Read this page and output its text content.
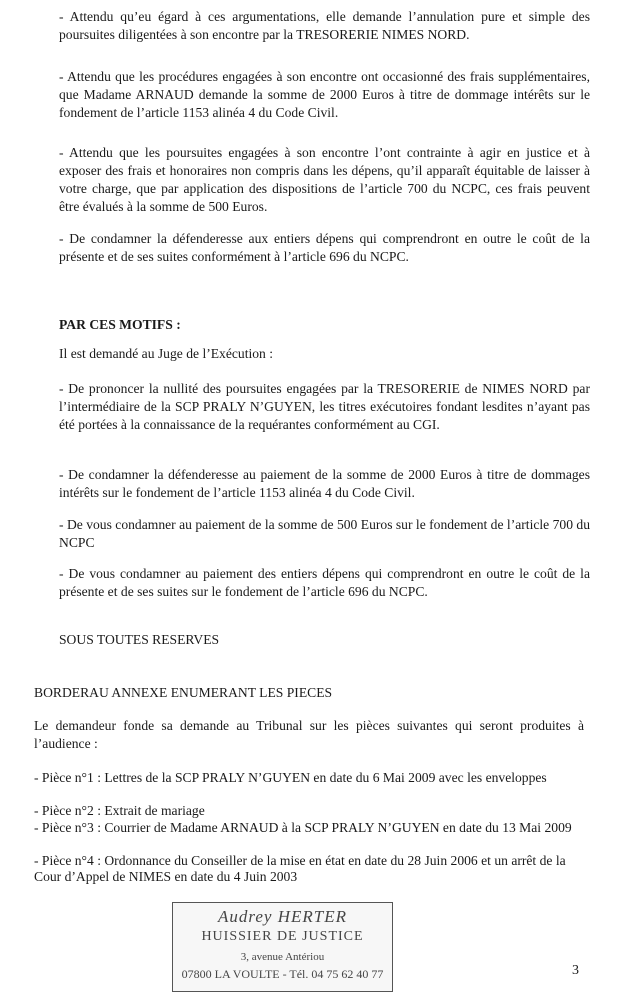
- Attendu qu’eu égard à ces argumentations, elle demande l’annulation pure et simple des poursuites diligentées à son encontre par la TRESORERIE NIMES NORD.

- Attendu que les procédures engagées à son encontre ont occasionné des frais supplémentaires, que Madame ARNAUD demande la somme de 2000 Euros à titre de dommage intérêts sur le fondement de l’article 1153 alinéa 4 du Code Civil.

- Attendu que les poursuites engagées à son encontre l’ont contrainte à agir en justice et à exposer des frais et honoraires non compris dans les dépens, qu’il apparaît équitable de laisser à votre charge, que par application des dispositions de l’article 700 du NCPC, ces frais peuvent être évalués à la somme de 500 Euros.

- De condamner la défenderesse aux entiers dépens qui comprendront en outre le coût de la présente et de ses suites conformément à l’article 696 du NCPC.

PAR CES MOTIFS :

Il est demandé au Juge de l’Exécution :

- De prononcer la nullité des poursuites engagées par la TRESORERIE de NIMES NORD par l’intermédiaire de la SCP PRALY N’GUYEN, les titres exécutoires fondant lesdites n’ayant pas été portées à la connaissance de la requérantes conformément au CGI.

- De condamner la défenderesse au paiement de la somme de 2000 Euros à titre de dommages intérêts sur le fondement de l’article 1153 alinéa 4 du Code Civil.

- De vous condamner au paiement de la somme de 500 Euros sur le fondement de l’article 700 du NCPC

- De vous condamner au paiement des entiers dépens qui comprendront en outre le coût de la présente et de ses suites sur le fondement de l’article 696 du NCPC.

SOUS TOUTES RESERVES

BORDERAU ANNEXE ENUMERANT LES PIECES

Le demandeur fonde sa demande au Tribunal sur les pièces suivantes qui seront produites à l’audience :

- Pièce n°1 : Lettres de la SCP PRALY N’GUYEN en date du 6 Mai 2009 avec les enveloppes

- Pièce n°2 : Extrait de mariage

- Pièce n°3 : Courrier de Madame ARNAUD à la SCP PRALY N’GUYEN en date du 13 Mai 2009

- Pièce n°4 : Ordonnance du Conseiller de la mise en état en date du 28 Juin 2006 et un arrêt de la Cour d’Appel de NIMES en date du 4 Juin 2003

Audrey HERTER
HUISSIER DE JUSTICE
3, avenue Antériou
07800 LA VOULTE - Tél. 04 75 62 40 77	3
